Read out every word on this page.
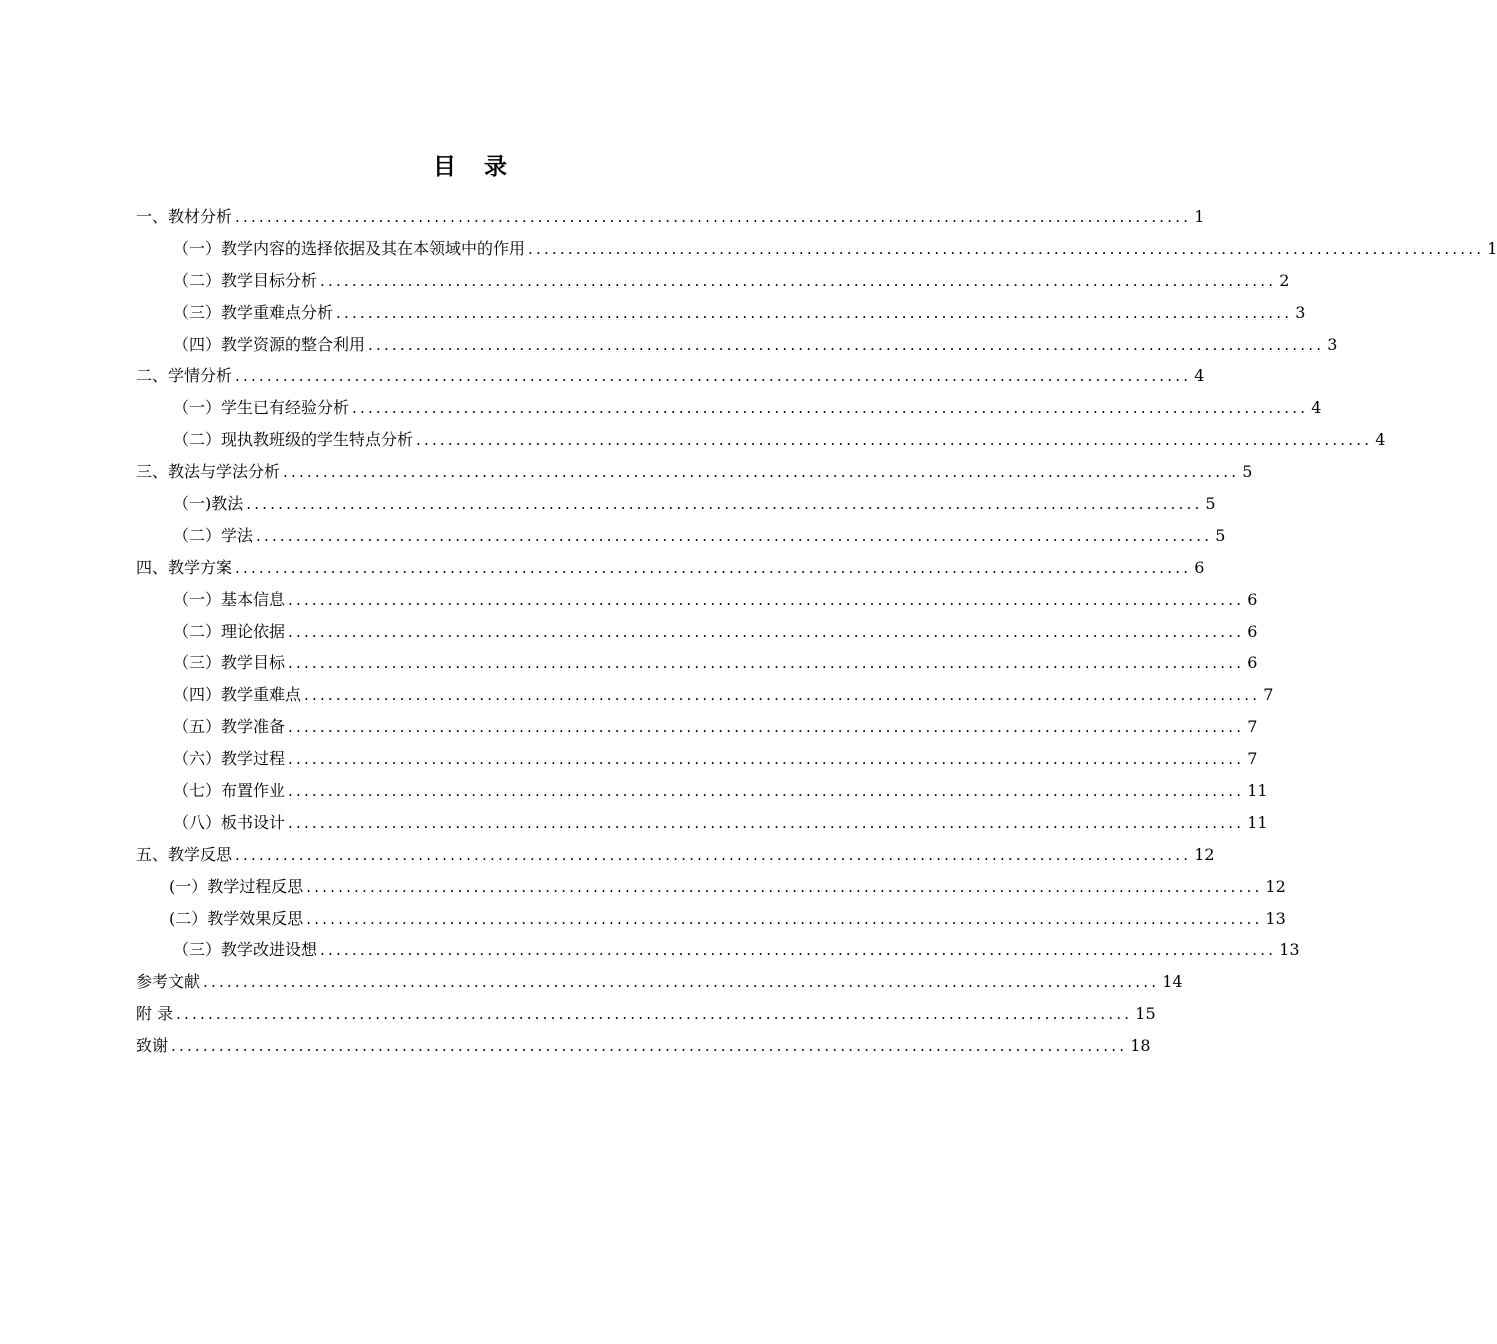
目 录
一、教材分析 ........................................................................................................................ 1
（一）教学内容的选择依据及其在本领域中的作用 ........................................................................................................................ 1
（二）教学目标分析 ........................................................................................................................ 2
（三）教学重难点分析 ........................................................................................................................ 3
（四）教学资源的整合利用 ........................................................................................................................ 3
二、学情分析 ........................................................................................................................ 4
（一）学生已有经验分析 ........................................................................................................................ 4
（二）现执教班级的学生特点分析 ........................................................................................................................ 4
三、教法与学法分析 ........................................................................................................................ 5
（一)教法 ........................................................................................................................ 5
（二）学法 ........................................................................................................................ 5
四、教学方案 ........................................................................................................................ 6
（一）基本信息 ........................................................................................................................ 6
（二）理论依据 ........................................................................................................................ 6
（三）教学目标 ........................................................................................................................ 6
（四）教学重难点 ........................................................................................................................ 7
（五）教学准备 ........................................................................................................................ 7
（六）教学过程 ........................................................................................................................ 7
（七）布置作业 ........................................................................................................................ 11
（八）板书设计 ........................................................................................................................ 11
五、教学反思 ........................................................................................................................ 12
(一）教学过程反思 ........................................................................................................................ 12
(二）教学效果反思 ........................................................................................................................ 13
（三）教学改进设想 ........................................................................................................................ 13
参考文献 ........................................................................................................................ 14
附 录 ........................................................................................................................ 15
致谢 ........................................................................................................................ 18
